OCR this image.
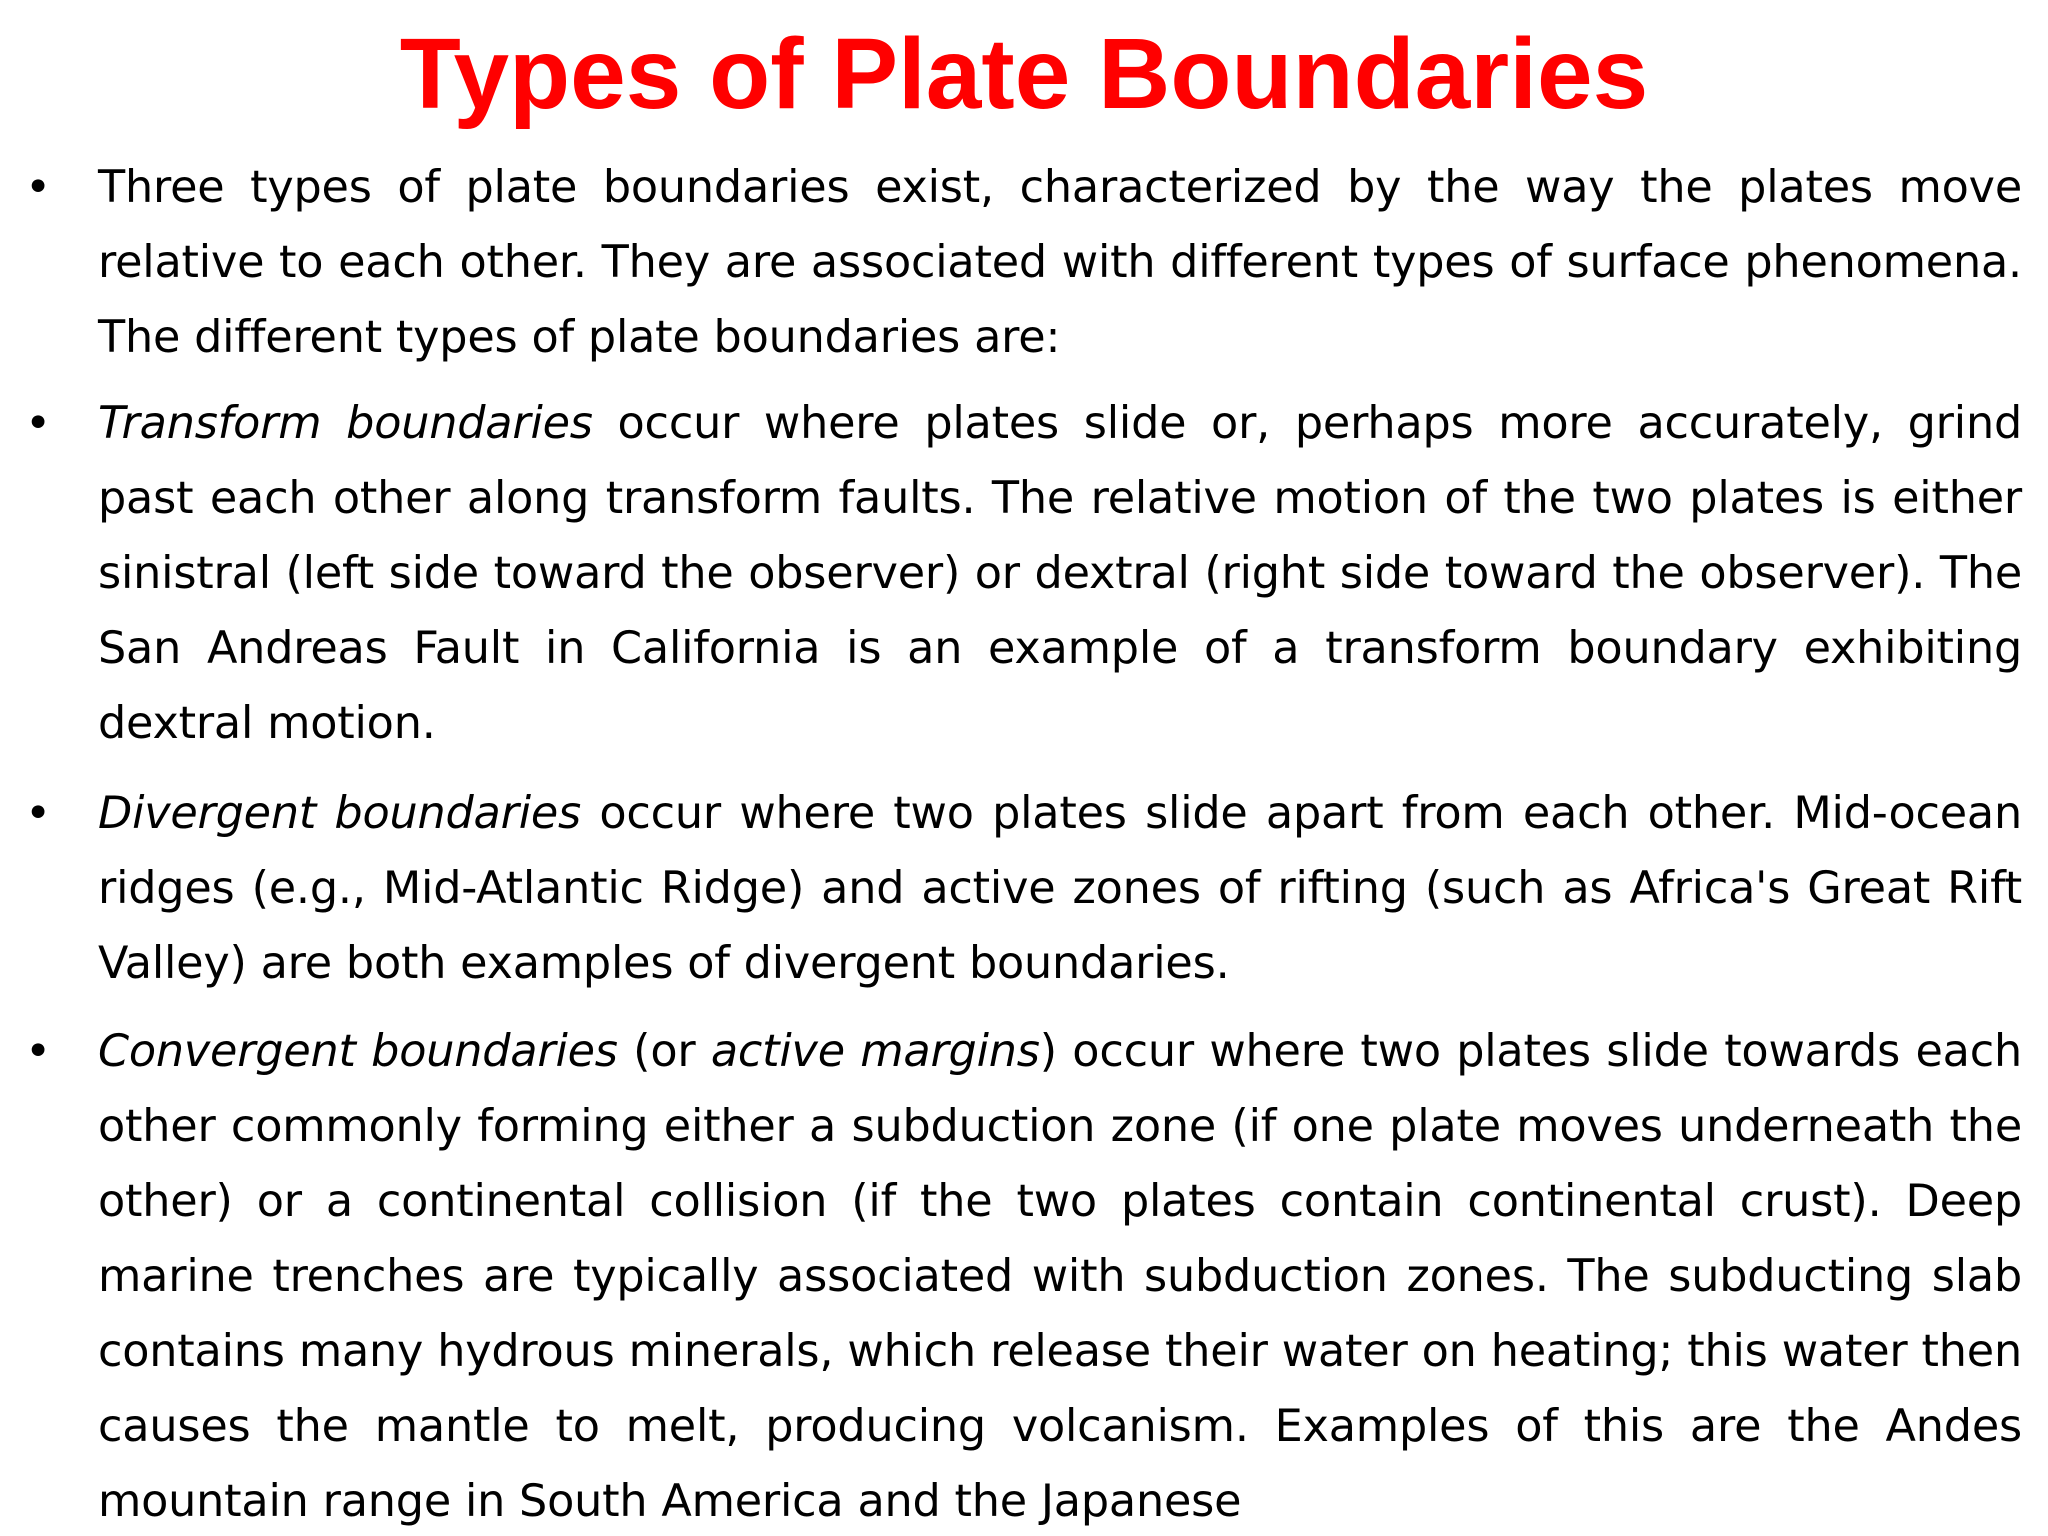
Types of Plate Boundaries
• Three types of plate boundaries exist, characterized by the way the plates move relative to each other. They are associated with different types of surface phenomena. The different types of plate boundaries are:
• Transform boundaries occur where plates slide or, perhaps more accurately, grind past each other along transform faults. The relative motion of the two plates is either sinistral (left side toward the observer) or dextral (right side toward the observer). The San Andreas Fault in California is an example of a transform boundary exhibiting dextral motion.
• Divergent boundaries occur where two plates slide apart from each other. Mid-ocean ridges (e.g., Mid-Atlantic Ridge) and active zones of rifting (such as Africa's Great Rift Valley) are both examples of divergent boundaries.
• Convergent boundaries (or active margins) occur where two plates slide towards each other commonly forming either a subduction zone (if one plate moves underneath the other) or a continental collision (if the two plates contain continental crust). Deep marine trenches are typically associated with subduction zones. The subducting slab contains many hydrous minerals, which release their water on heating; this water then causes the mantle to melt, producing volcanism. Examples of this are the Andes mountain range in South America and the Japanese
